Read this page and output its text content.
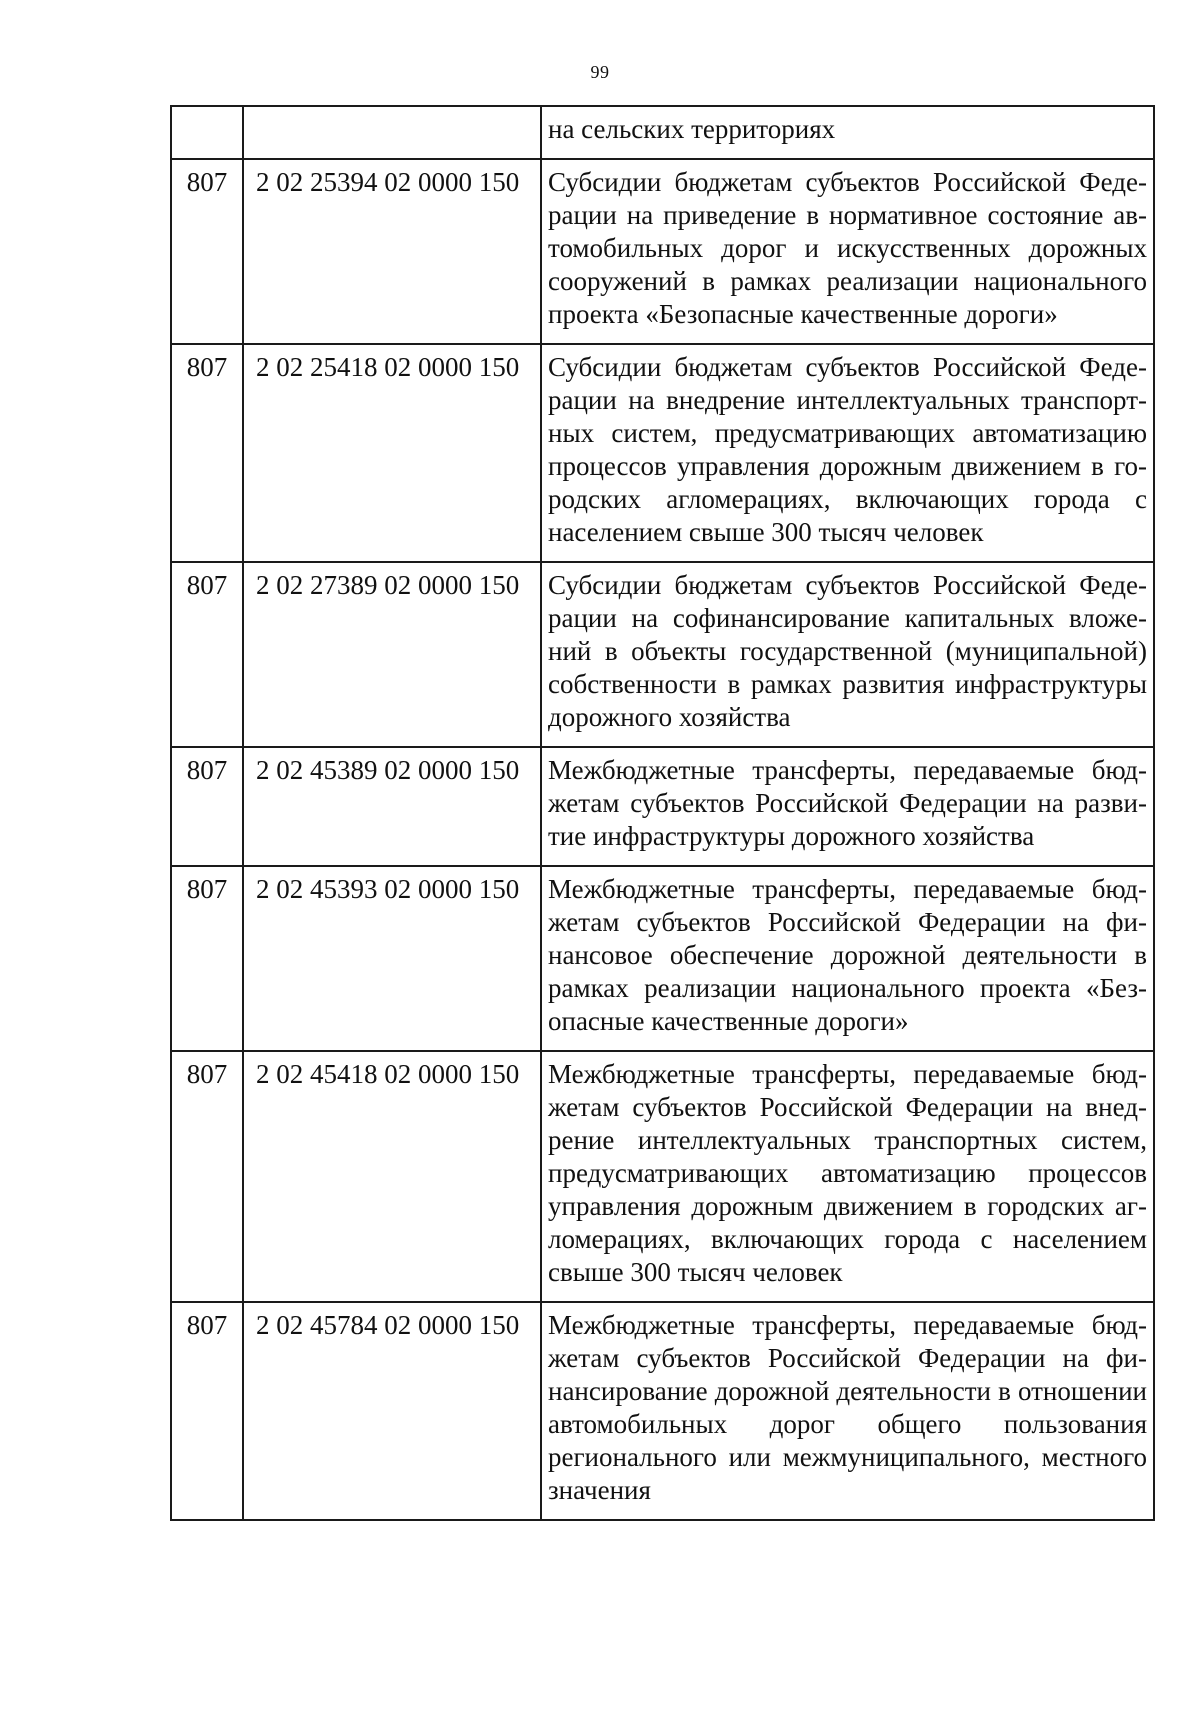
99
		на сельских территориях
807	2 02 25394 02 0000 150	Субсидии бюджетам субъектов Российской Федерации на приведение в нормативное состояние автомобильных дорог и искусственных дорожных сооружений в рамках реализации национального проекта «Безопасные качественные дороги»
807	2 02 25418 02 0000 150	Субсидии бюджетам субъектов Российской Федерации на внедрение интеллектуальных транспортных систем, предусматривающих автоматизацию процессов управления дорожным движением в городских агломерациях, включающих города с населением свыше 300 тысяч человек
807	2 02 27389 02 0000 150	Субсидии бюджетам субъектов Российской Федерации на софинансирование капитальных вложений в объекты государственной (муниципальной) собственности в рамках развития инфраструктуры дорожного хозяйства
807	2 02 45389 02 0000 150	Межбюджетные трансферты, передаваемые бюджетам субъектов Российской Федерации на развитие инфраструктуры дорожного хозяйства
807	2 02 45393 02 0000 150	Межбюджетные трансферты, передаваемые бюджетам субъектов Российской Федерации на финансовое обеспечение дорожной деятельности в рамках реализации национального проекта «Безопасные качественные дороги»
807	2 02 45418 02 0000 150	Межбюджетные трансферты, передаваемые бюджетам субъектов Российской Федерации на внедрение интеллектуальных транспортных систем, предусматривающих автоматизацию процессов управления дорожным движением в городских агломерациях, включающих города с населением свыше 300 тысяч человек
807	2 02 45784 02 0000 150	Межбюджетные трансферты, передаваемые бюджетам субъектов Российской Федерации на финансирование дорожной деятельности в отношении автомобильных дорог общего пользования регионального или межмуниципального, местного значения
